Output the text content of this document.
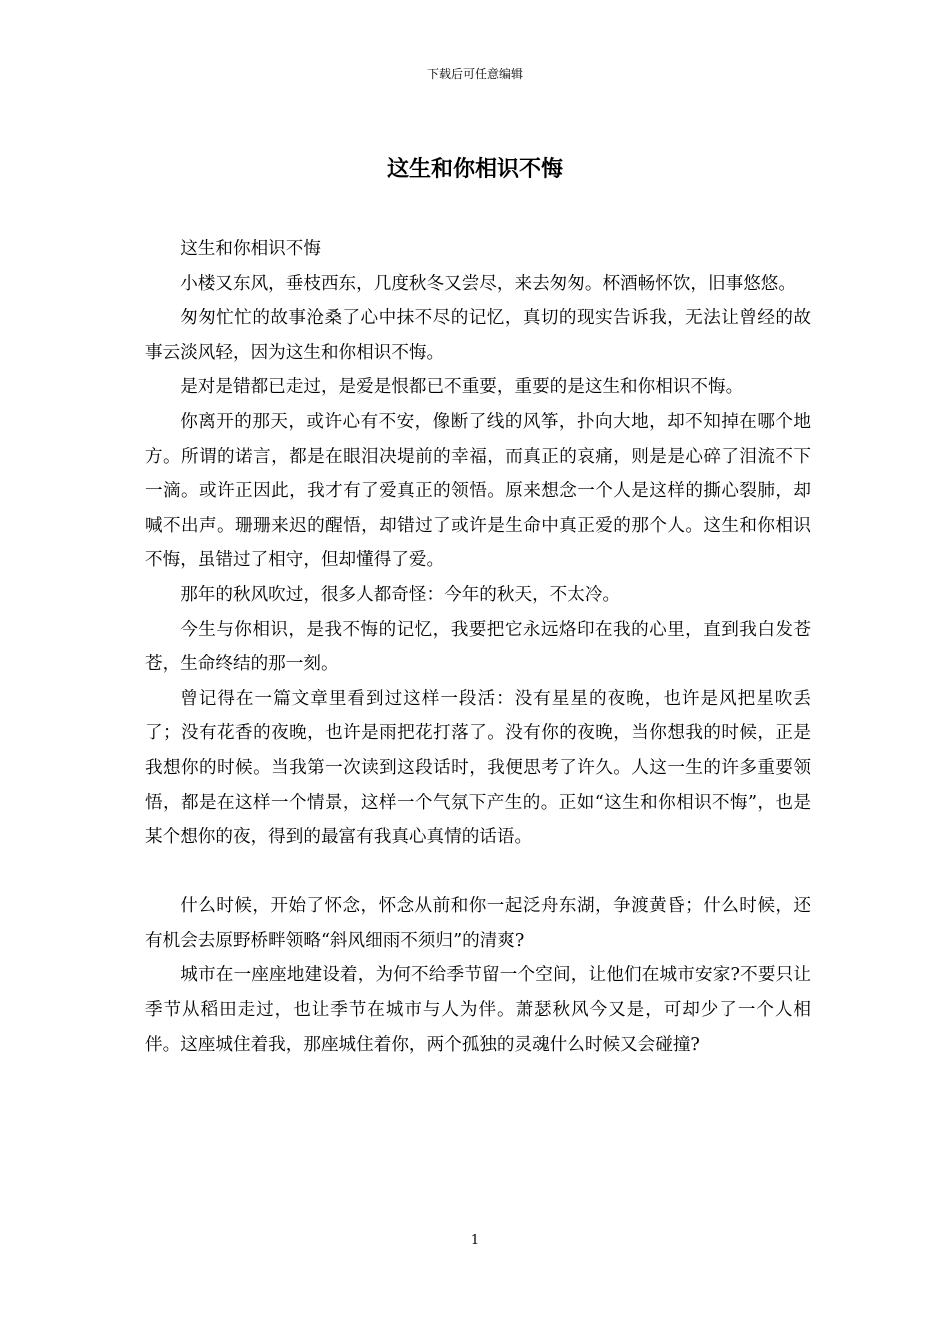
下载后可任意编辑
这生和你相识不悔

这生和你相识不悔

小楼又东风，垂枝西东，几度秋冬又尝尽，来去匆匆。杯酒畅怀饮，旧事悠悠。

匆匆忙忙的故事沧桑了心中抹不尽的记忆，真切的现实告诉我，无法让曾经的故事云淡风轻，因为这生和你相识不悔。

是对是错都已走过，是爱是恨都已不重要，重要的是这生和你相识不悔。

你离开的那天，或许心有不安，像断了线的风筝，扑向大地，却不知掉在哪个地方。所谓的诺言，都是在眼泪决堤前的幸福，而真正的哀痛，则是是心碎了泪流不下一滴。或许正因此，我才有了爱真正的领悟。原来想念一个人是这样的撕心裂肺，却喊不出声。珊珊来迟的醒悟，却错过了或许是生命中真正爱的那个人。这生和你相识不悔，虽错过了相守，但却懂得了爱。

那年的秋风吹过，很多人都奇怪：今年的秋天，不太冷。

今生与你相识，是我不悔的记忆，我要把它永远烙印在我的心里，直到我白发苍苍，生命终结的那一刻。

曾记得在一篇文章里看到过这样一段活：没有星星的夜晚，也许是风把星吹丢了；没有花香的夜晚，也许是雨把花打落了。没有你的夜晚，当你想我的时候，正是我想你的时候。当我第一次读到这段话时，我便思考了许久。人这一生的许多重要领悟，都是在这样一个情景，这样一个气氛下产生的。正如“这生和你相识不悔”，也是某个想你的夜，得到的最富有我真心真情的话语。

什么时候，开始了怀念，怀念从前和你一起泛舟东湖，争渡黄昏；什么时候，还有机会去原野桥畔领略“斜风细雨不须归”的清爽?

城市在一座座地建设着，为何不给季节留一个空间，让他们在城市安家?不要只让季节从稻田走过，也让季节在城市与人为伴。萧瑟秋风今又是，可却少了一个人相伴。这座城住着我，那座城住着你，两个孤独的灵魂什么时候又会碰撞?

1
